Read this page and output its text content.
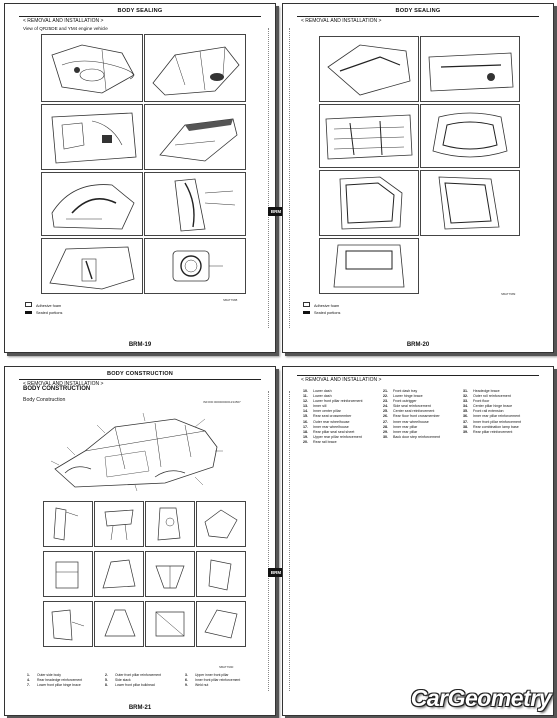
BODY SEALING
< REMOVAL AND INSTALLATION >
View of QR25DE and YM4 engine vehicle
BRM
Adhesive foam
Sealed portions
SBAT7988
BRM-19
BODY SEALING
< REMOVAL AND INSTALLATION >
Adhesive foam
Sealed portions
SBAT7989
BRM-20
BODY CONSTRUCTION
< REMOVAL AND INSTALLATION >
BODY CONSTRUCTION
Body Construction	INFOID:0000000001234567
BRM
SBAT7990
1. Outer side body
4. Rear headedge reinforcement
7. Lower front pillar hinge brace
2. Outer front pillar reinforcement
5. Side stack
8. Lower front pillar bulkhead
3. Upper inner front pillar
6. Inner front pillar reinforcement
9. Weld nut
BRM-21
< REMOVAL AND INSTALLATION >
10. Lower dash
11. Lower dash
12. Lower front pillar reinforcement
13. Inner sill
14. Inner center pillar
15. Rear seat crossmember
16. Outer rear wheelhouse
17. Inner rear wheelhouse
18. Rear pillar seal seal sheet
19. Upper rear pillar reinforcement
20. Rear rail brace
21. Front dash tray
22. Lower hinge brace
23. Front outrigger
24. Side seal reinforcement
25. Center seal reinforcement
26. Rear floor front crossmember
27. Inner rear wheelhouse
28. Inner rear pillar
29. Inner rear pillar
30. Back door step reinforcement
31. Headedge brace
32. Outer roll reinforcement
33. Front floor
34. Center pillar hinge brace
35. Front rail extension
36. Inner rear pillar reinforcement
37. Inner front pillar reinforcement
38. Rear combination lamp base
39. Rear pillar reinforcement
CarGeometry
